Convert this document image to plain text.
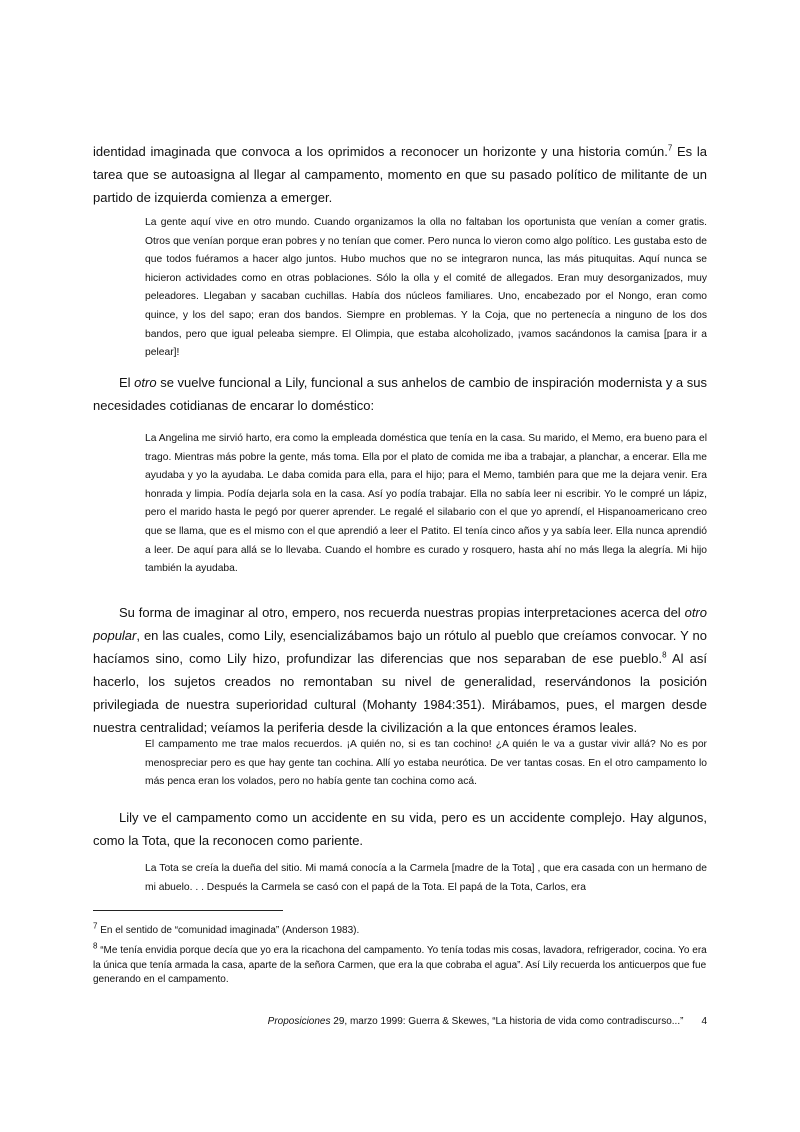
identidad imaginada que convoca a los oprimidos a reconocer un horizonte y una historia común.$^7$ Es la tarea que se autoasigna al llegar al campamento, momento en que su pasado político de militante de un partido de izquierda comienza a emerger.

La gente aquí vive en otro mundo. Cuando organizamos la olla no faltaban los oportunista que venían a comer gratis. Otros que venían porque eran pobres y no tenían que comer. Pero nunca lo vieron como algo político. Les gustaba esto de que todos fuéramos a hacer algo juntos. Hubo muchos que no se integraron nunca, las más pituquitas. Aquí nunca se hicieron actividades como en otras poblaciones. Sólo la olla y el comité de allegados. Eran muy desorganizados, muy peleadores. Llegaban y sacaban cuchillas. Había dos núcleos familiares. Uno, encabezado por el Nongo, eran como quince, y los del sapo; eran dos bandos. Siempre en problemas. Y la Coja, que no pertenecía a ninguno de los dos bandos, pero que igual peleaba siempre. El Olimpia, que estaba alcoholizado, ¡vamos sacándonos la camisa [para ir a pelear]!

El otro se vuelve funcional a Lily, funcional a sus anhelos de cambio de inspiración modernista y a sus necesidades cotidianas de encarar lo doméstico:

La Angelina me sirvió harto, era como la empleada doméstica que tenía en la casa. Su marido, el Memo, era bueno para el trago. Mientras más pobre la gente, más toma. Ella por el plato de comida me iba a trabajar, a planchar, a encerar. Ella me ayudaba y yo la ayudaba. Le daba comida para ella, para el hijo; para el Memo, también para que me la dejara venir. Era honrada y limpia. Podía dejarla sola en la casa. Así yo podía trabajar. Ella no sabía leer ni escribir. Yo le compré un lápiz, pero el marido hasta le pegó por querer aprender. Le regalé el silabario con el que yo aprendí, el Hispanoamericano creo que se llama, que es el mismo con el que aprendió a leer el Patito. El tenía cinco años y ya sabía leer. Ella nunca aprendió a leer. De aquí para allá se lo llevaba. Cuando el hombre es curado y rosquero, hasta ahí no más llega la alegría. Mi hijo también la ayudaba.

Su forma de imaginar al otro, empero, nos recuerda nuestras propias interpretaciones acerca del otro popular, en las cuales, como Lily, esencializábamos bajo un rótulo al pueblo que creíamos convocar. Y no hacíamos sino, como Lily hizo, profundizar las diferencias que nos separaban de ese pueblo.$^8$ Al así hacerlo, los sujetos creados no remontaban su nivel de generalidad, reservándonos la posición privilegiada de nuestra superioridad cultural (Mohanty 1984:351). Mirábamos, pues, el margen desde nuestra centralidad; veíamos la periferia desde la civilización a la que entonces éramos leales.

El campamento me trae malos recuerdos. ¡A quién no, si es tan cochino! ¿A quién le va a gustar vivir allá? No es por menospreciar pero es que hay gente tan cochina. Allí yo estaba neurótica. De ver tantas cosas. En el otro campamento lo más penca eran los volados, pero no había gente tan cochina como acá.

Lily ve el campamento como un accidente en su vida, pero es un accidente complejo. Hay algunos, como la Tota, que la reconocen como pariente.

La Tota se creía la dueña del sitio. Mi mamá conocía a la Carmela [madre de la Tota] , que era casada con un hermano de mi abuelo. . . Después la Carmela se casó con el papá de la Tota. El papá de la Tota, Carlos, era

$^7$ En el sentido de “comunidad imaginada” (Anderson 1983).

$^8$ “Me tenía envidia porque decía que yo era la ricachona del campamento. Yo tenía todas mis cosas, lavadora, refrigerador, cocina. Yo era la única que tenía armada la casa, aparte de la señora Carmen, que era la que cobraba el agua”. Así Lily recuerda los anticuerpos que fue generando en el campamento.

Proposiciones 29, marzo 1999: Guerra & Skewes, “La historia de vida como contradiscurso...” 4
